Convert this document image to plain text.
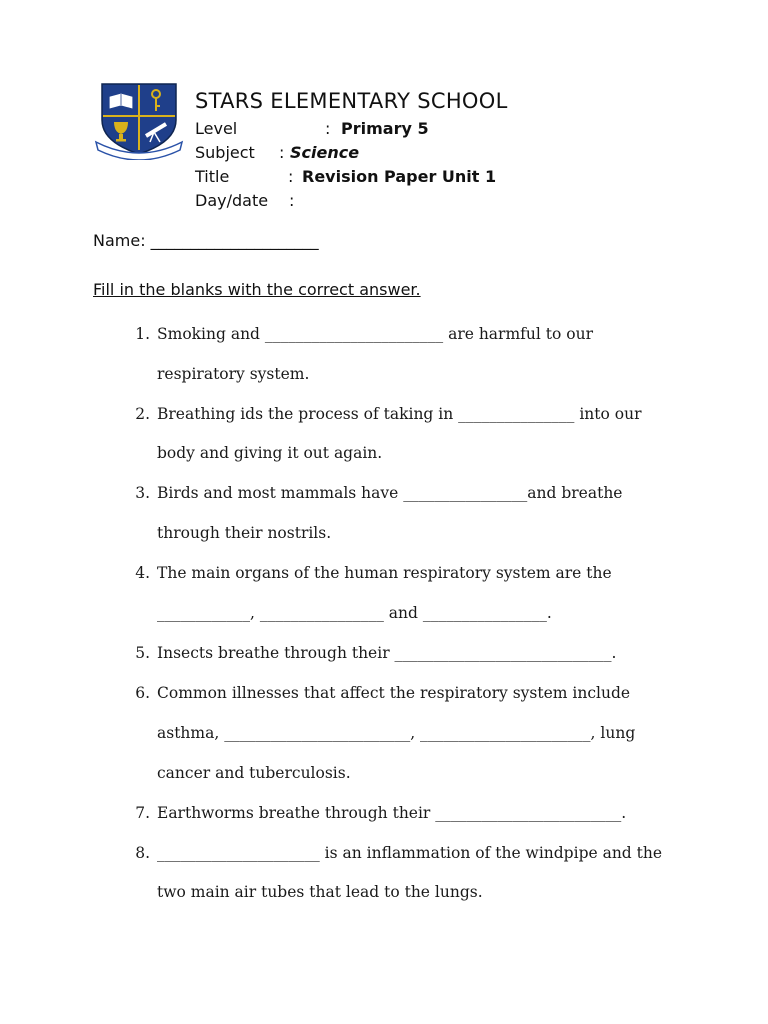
STARS ELEMENTARY SCHOOL
Level	: Primary 5
Subject : Science
Title	: Revision Paper Unit 1
Day/date :
Name: _____________________
Fill in the blanks with the correct answer.
1. Smoking and _______________________ are harmful to our
respiratory system.
2. Breathing ids the process of taking in _______________ into our
body and giving it out again.
3. Birds and most mammals have ________________and breathe
through their nostrils.
4. The main organs of the human respiratory system are the
____________, ________________ and ________________.
5. Insects breathe through their ____________________________.
6. Common illnesses that affect the respiratory system include
asthma, ________________________, ______________________, lung
cancer and tuberculosis.
7. Earthworms breathe through their ________________________.
8. _____________________ is an inflammation of the windpipe and the
two main air tubes that lead to the lungs.
